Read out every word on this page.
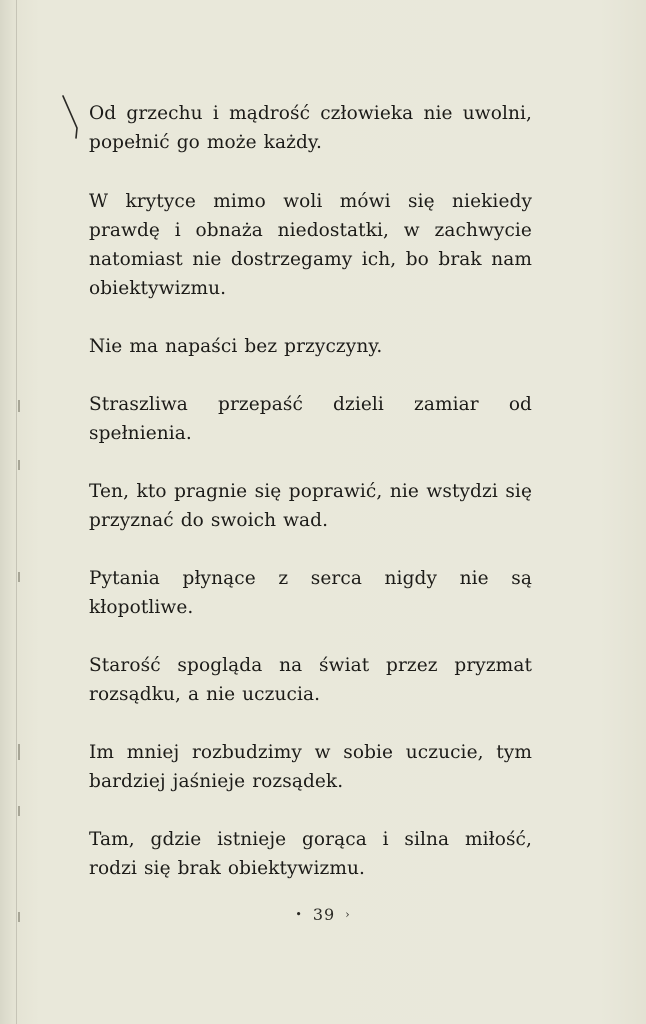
Od grzechu i mądrość człowieka nie uwolni, popełnić go może każdy.

W krytyce mimo woli mówi się niekiedy prawdę i obnaża niedostatki, w zachwycie natomiast nie dostrzegamy ich, bo brak nam obiektywizmu.

Nie ma napaści bez przyczyny.

Straszliwa przepaść dzieli zamiar od spełnienia.

Ten, kto pragnie się poprawić, nie wstydzi się przyznać do swoich wad.

Pytania płynące z serca nigdy nie są kłopotliwe.

Starość spogląda na świat przez pryzmat rozsądku, a nie uczucia.

Im mniej rozbudzimy w sobie uczucie, tym bardziej jaśnieje rozsądek.

Tam, gdzie istnieje gorąca i silna miłość, rodzi się brak obiektywizmu.

• 39 ›
